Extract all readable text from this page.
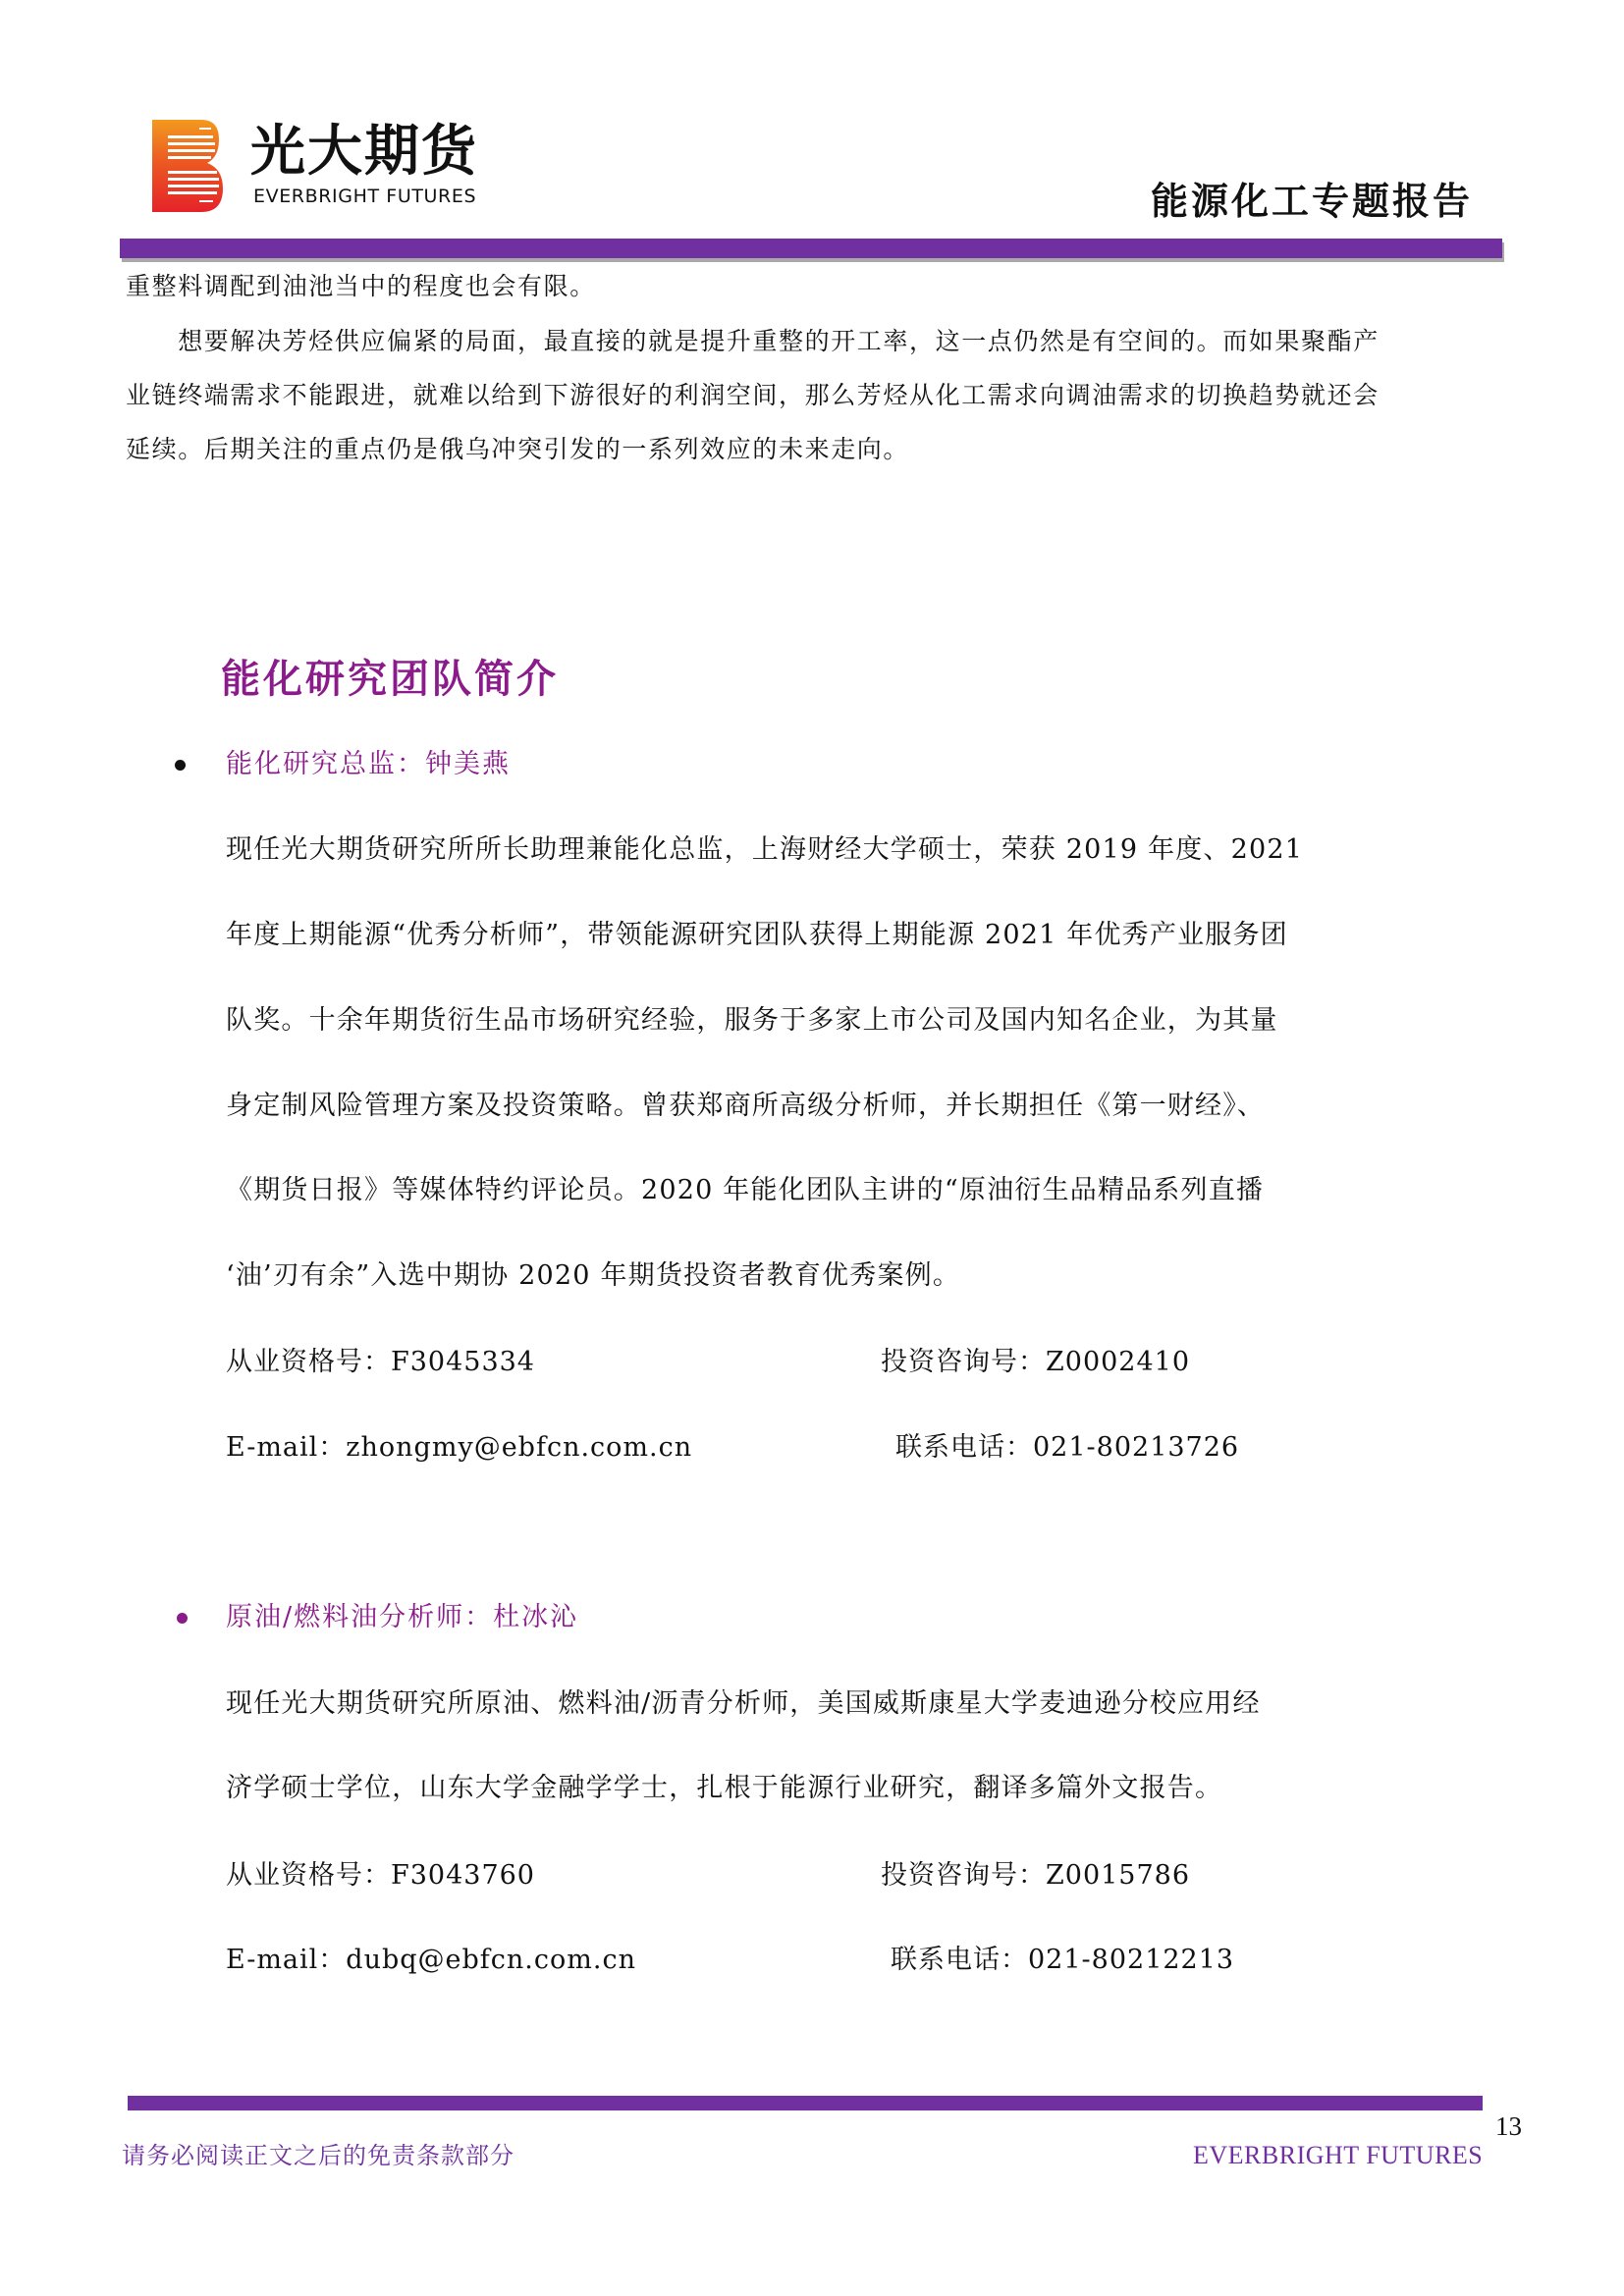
光大期货
EVERBRIGHT FUTURES	能源化工专题报告
重整料调配到油池当中的程度也会有限。
　　想要解决芳烃供应偏紧的局面，最直接的就是提升重整的开工率，这一点仍然是有空间的。而如果聚酯产
业链终端需求不能跟进，就难以给到下游很好的利润空间，那么芳烃从化工需求向调油需求的切换趋势就还会
延续。后期关注的重点仍是俄乌冲突引发的一系列效应的未来走向。
能化研究团队简介
能化研究总监：钟美燕
现任光大期货研究所所长助理兼能化总监，上海财经大学硕士，荣获 2019 年度、2021
年度上期能源“优秀分析师”，带领能源研究团队获得上期能源 2021 年优秀产业服务团
队奖。十余年期货衍生品市场研究经验，服务于多家上市公司及国内知名企业，为其量
身定制风险管理方案及投资策略。曾获郑商所高级分析师，并长期担任《第一财经》、
《期货日报》等媒体特约评论员。2020 年能化团队主讲的“原油衍生品精品系列直播
‘油’刃有余”入选中期协 2020 年期货投资者教育优秀案例。
从业资格号：F3045334	投资咨询号：Z0002410
E-mail：zhongmy@ebfcn.com.cn	联系电话：021-80213726
原油/燃料油分析师：杜冰沁
现任光大期货研究所原油、燃料油/沥青分析师，美国威斯康星大学麦迪逊分校应用经
济学硕士学位，山东大学金融学学士，扎根于能源行业研究，翻译多篇外文报告。
从业资格号：F3043760	投资咨询号：Z0015786
E-mail：dubq@ebfcn.com.cn	联系电话：021-80212213
13
请务必阅读正文之后的免责条款部分	EVERBRIGHT FUTURES
